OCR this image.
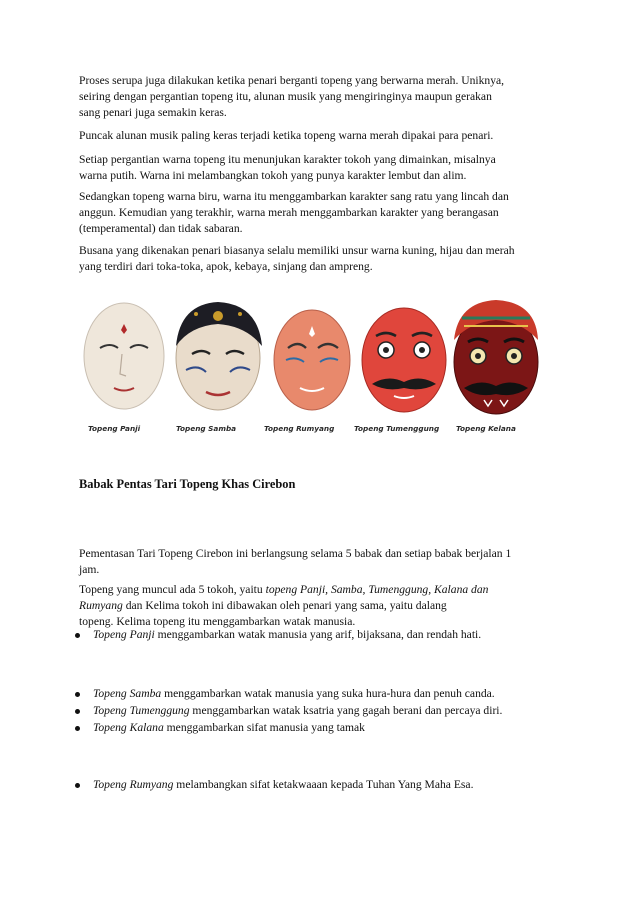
Proses serupa juga dilakukan ketika penari berganti topeng yang berwarna merah. Uniknya,
seiring dengan pergantian topeng itu, alunan musik yang mengiringinya maupun gerakan
sang penari juga semakin keras.
Puncak alunan musik paling keras terjadi ketika topeng warna merah dipakai para penari.
Setiap pergantian warna topeng itu menunjukan karakter tokoh yang dimainkan, misalnya
warna putih. Warna ini melambangkan tokoh yang punya karakter lembut dan alim.
Sedangkan topeng warna biru, warna itu menggambarkan karakter sang ratu yang lincah dan
anggun. Kemudian yang terakhir, warna merah menggambarkan karakter yang berangasan
(temperamental) dan tidak sabaran.
Busana yang dikenakan penari biasanya selalu memiliki unsur warna kuning, hijau dan merah
yang terdiri dari toka-toka, apok, kebaya, sinjang dan ampreng.
Topeng Panji	Topeng Samba	Topeng Rumyang	Topeng Tumenggung Topeng Kelana
Babak Pentas Tari Topeng Khas Cirebon
Pementasan Tari Topeng Cirebon ini berlangsung selama 5 babak dan setiap babak berjalan 1
jam.
Topeng yang muncul ada 5 tokoh, yaitu topeng Panji, Samba, Tumenggung, Kalana dan
Rumyang dan Kelima tokoh ini dibawakan oleh penari yang sama, yaitu dalang
topeng. Kelima topeng itu menggambarkan watak manusia.
Topeng Panji menggambarkan watak manusia yang arif, bijaksana, dan rendah hati.
Topeng Samba menggambarkan watak manusia yang suka hura-hura dan penuh canda.
Topeng Tumenggung menggambarkan watak ksatria yang gagah berani dan percaya diri.
Topeng Kalana menggambarkan sifat manusia yang tamak
Topeng Rumyang melambangkan sifat ketakwaaan kepada Tuhan Yang Maha Esa.
